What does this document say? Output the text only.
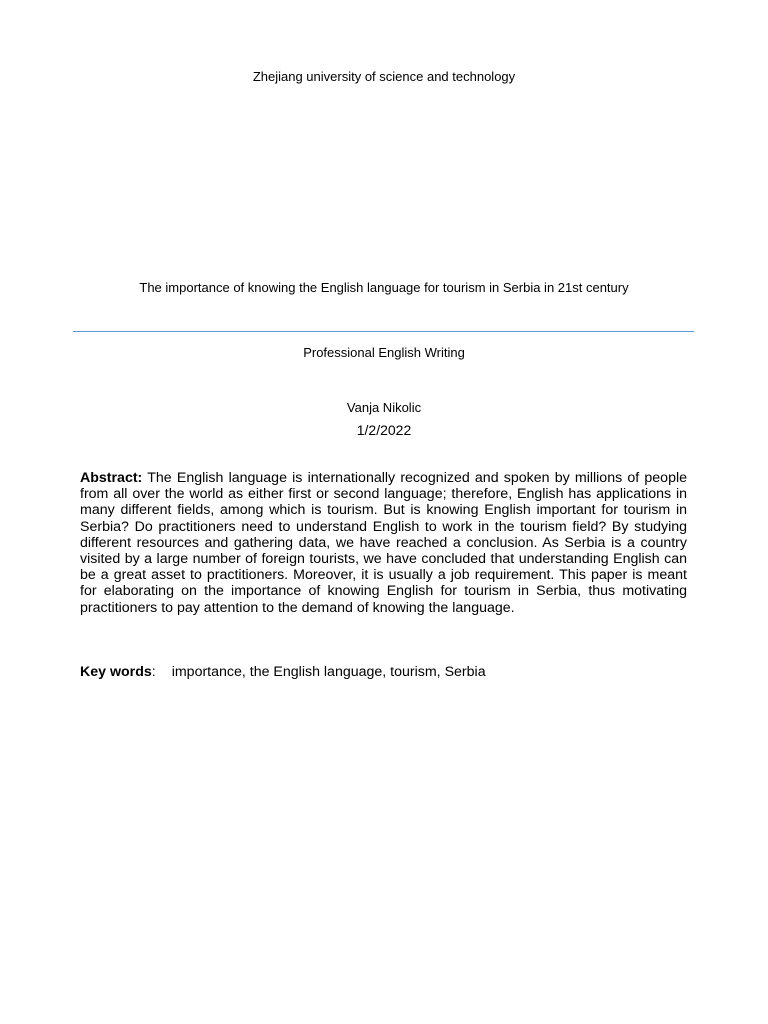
Zhejiang university of science and technology
The importance of knowing the English language for tourism in Serbia in 21st century
Professional English Writing
Vanja Nikolic
1/2/2022

Abstract: The English language is internationally recognized and spoken by millions of people from all over the world as either first or second language; therefore, English has applications in many different fields, among which is tourism. But is knowing English important for tourism in Serbia? Do practitioners need to understand English to work in the tourism field? By studying different resources and gathering data, we have reached a conclusion. As Serbia is a country visited by a large number of foreign tourists, we have concluded that understanding English can be a great asset to practitioners. Moreover, it is usually a job requirement. This paper is meant for elaborating on the importance of knowing English for tourism in Serbia, thus motivating practitioners to pay attention to the demand of knowing the language.

Key words: importance, the English language, tourism, Serbia
